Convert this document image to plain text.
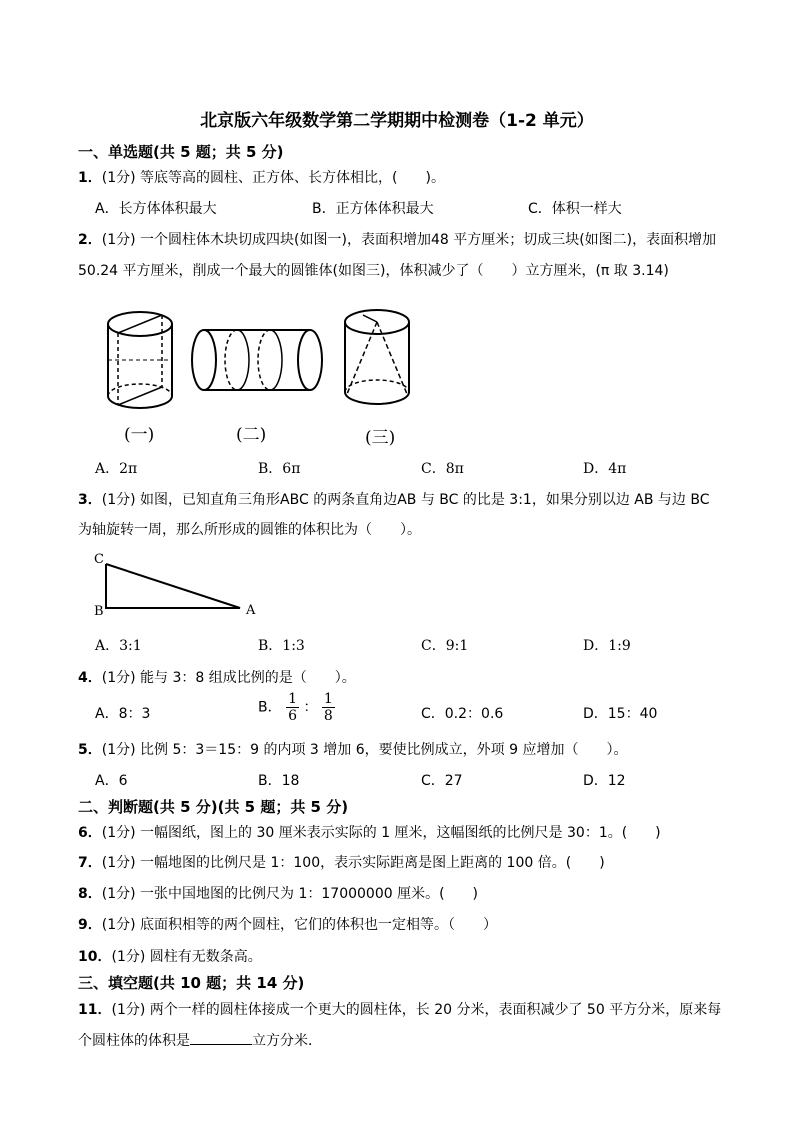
北京版六年级数学第二学期期中检测卷（1-2 单元）
一、单选题(共 5 题；共 5 分)
1．(1分) 等底等高的圆柱、正方体、长方体相比，(　　)。
A．长方体体积最大	B．正方体体积最大	C．体积一样大
2．(1分) 一个圆柱体木块切成四块(如图一)，表面积增加48 平方厘米；切成三块(如图二)，表面积增加
50.24 平方厘米，削成一个最大的圆锥体(如图三)，体积减少了（　　）立方厘米，(π 取 3.14)
(一)	(二)	(三)
A．2π	B．6π	C．8π	D．4π
3．(1分) 如图，已知直角三角形ABC 的两条直角边AB 与 BC 的比是 3:1，如果分别以边 AB 与边 BC
为轴旋转一周，那么所形成的圆锥的体积比为（　　）。
C
B	A
A．3:1	B．1:3	C．9:1	D．1:9
4．(1分) 能与 3：8 组成比例的是（　　）。
A．8：3	B． $\frac{1}{6}$ ： $\frac{1}{8}$	C．0.2：0.6	D．15：40
5．(1分) 比例 5：3＝15：9 的内项 3 增加 6，要使比例成立，外项 9 应增加（　　）。
A．6	B．18	C．27	D．12
二、判断题(共 5 分)(共 5 题；共 5 分)
6．(1分) 一幅图纸，图上的 30 厘米表示实际的 1 厘米，这幅图纸的比例尺是 30：1。(　　)
7．(1分) 一幅地图的比例尺是 1：100，表示实际距离是图上距离的 100 倍。(　　)
8．(1分) 一张中国地图的比例尺为 1：17000000 厘米。(　　)
9．(1分) 底面积相等的两个圆柱，它们的体积也一定相等。（　　）
10．(1分) 圆柱有无数条高。
三、填空题(共 10 题；共 14 分)
11．(1分) 两个一样的圆柱体接成一个更大的圆柱体，长 20 分米，表面积减少了 50 平方分米，原来每
个圆柱体的体积是	立方分米．
